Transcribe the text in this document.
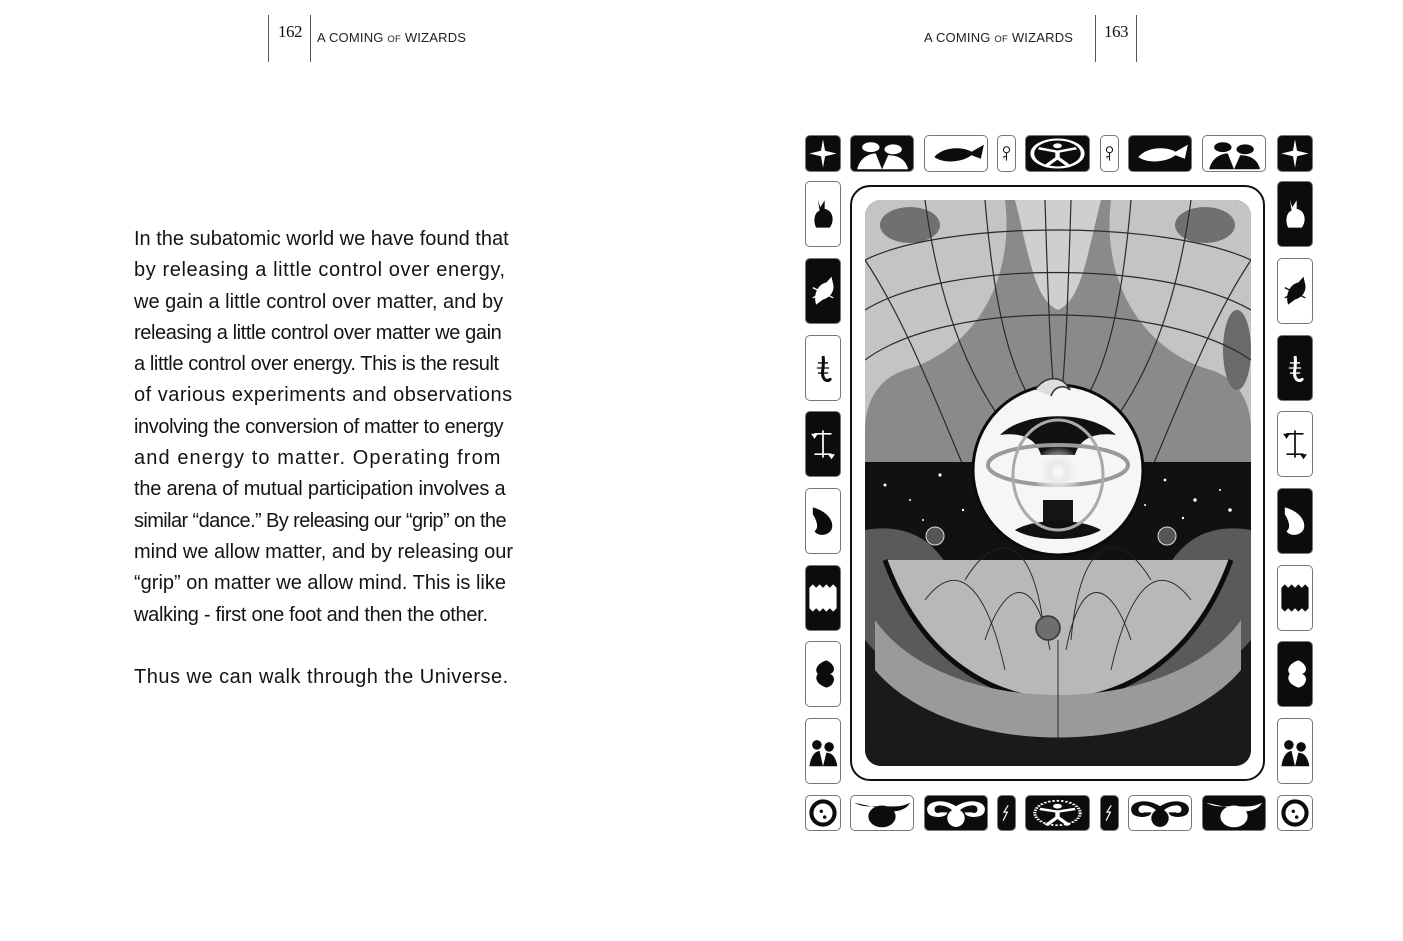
162 A COMING OF WIZARDS	A COMING OF WIZARDS 163
In the subatomic world we have found that
by releasing a little control over energy,
we gain a little control over matter, and by
releasing a little control over matter we gain
a little control over energy. This is the result
of various experiments and observations
involving the conversion of matter to energy
and energy to matter. Operating from
the arena of mutual participation involves a
similar “dance.” By releasing our “grip” on the
mind we allow matter, and by releasing our
“grip” on matter we allow mind. This is like
walking - first one foot and then the other.
Thus we can walk through the Universe.
